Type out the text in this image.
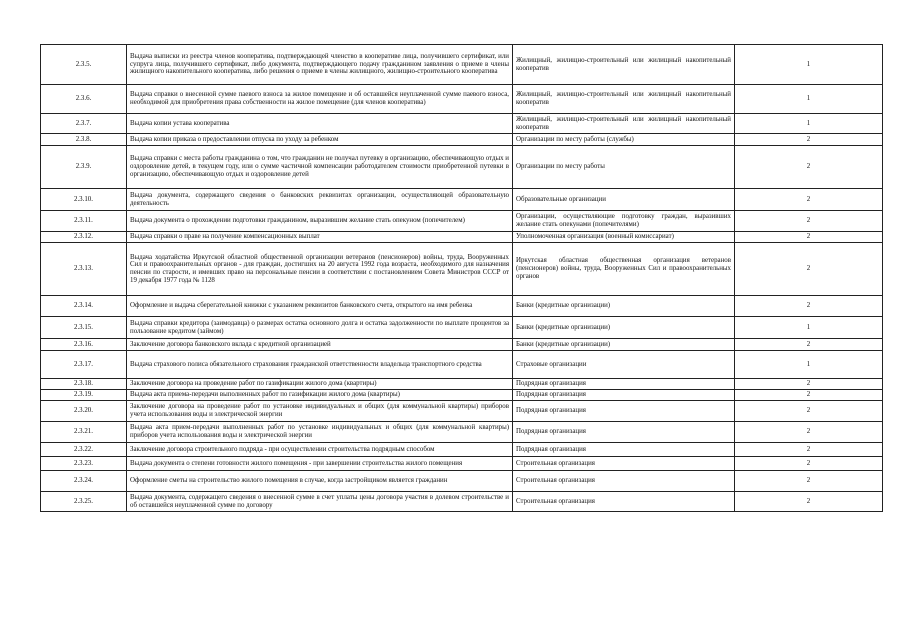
2.3.5.	Выдача выписки из реестра членов кооператива, подтверждающей членство в кооперативе лица, получившего сертификат, или супруга лица, получившего сертификат, либо документа, подтверждающего подачу гражданином заявления о приеме в члены жилищного накопительного кооператива, либо решения о приеме в члены жилищного, жилищно-строительного кооператива	Жилищный, жилищно-строительный или жилищный накопительный кооператив	1
2.3.6.	Выдача справки о внесенной сумме паевого взноса за жилое помещение и об оставшейся неуплаченной сумме паевого взноса, необходимой для приобретения права собственности на жилое помещение (для членов кооператива)	Жилищный, жилищно-строительный или жилищный накопительный кооператив	1
2.3.7.	Выдача копии устава кооператива	Жилищный, жилищно-строительный или жилищный накопительный кооператив	1
2.3.8.	Выдача копии приказа о предоставлении отпуска по уходу за ребенком	Организации по месту работы (службы)	2
2.3.9.	Выдача справки с места работы гражданина о том, что гражданин не получал путевку в организацию, обеспечивающую отдых и оздоровление детей, в текущем году, или о сумме частичной компенсации работодателем стоимости приобретенной путевки в организацию, обеспечивающую отдых и оздоровление детей	Организации по месту работы	2
2.3.10.	Выдача документа, содержащего сведения о банковских реквизитах организации, осуществляющей образовательную деятельность	Образовательные организации	2
2.3.11.	Выдача документа о прохождении подготовки гражданином, выразившим желание стать опекуном (попечителем)	Организации, осуществляющие подготовку граждан, выразивших желание стать опекунами (попечителями)	2
2.3.12.	Выдача справки о праве на получение компенсационных выплат	Уполномоченная организация (военный комиссариат)	2
2.3.13.	Выдача ходатайства Иркутской областной общественной организации ветеранов (пенсионеров) войны, труда, Вооруженных Сил и правоохранительных органов - для граждан, достигших на 20 августа 1992 года возраста, необходимого для назначения пенсии по старости, и имевших право на персональные пенсии в соответствии с постановлением Совета Министров СССР от 19 декабря 1977 года № 1128	Иркутская областная общественная организация ветеранов (пенсионеров) войны, труда, Вооруженных Сил и правоохранительных органов	2
2.3.14.	Оформление и выдача сберегательной книжки с указанием реквизитов банковского счета, открытого на имя ребенка	Банки (кредитные организации)	2
2.3.15.	Выдача справки кредитора (заимодавца) о размерах остатка основного долга и остатка задолженности по выплате процентов за пользование кредитом (займом)	Банки (кредитные организации)	1
2.3.16.	Заключение договора банковского вклада с кредитной организацией	Банки (кредитные организации)	2
2.3.17.	Выдача страхового полиса обязательного страхования гражданской ответственности владельца транспортного средства	Страховые организации	1
2.3.18.	Заключение договора на проведение работ по газификации жилого дома (квартиры)	Подрядная организация	2
2.3.19.	Выдача акта приема-передачи выполненных работ по газификации жилого дома (квартиры)	Подрядная организация	2
2.3.20.	Заключение договора на проведение работ по установке индивидуальных и общих (для коммунальной квартиры) приборов учета использования воды и электрической энергии	Подрядная организация	2
2.3.21.	Выдача акта прием-передачи выполненных работ по установке индивидуальных и общих (для коммунальной квартиры) приборов учета использования воды и электрической энергии	Подрядная организация	2
2.3.22.	Заключение договора строительного подряда - при осуществлении строительства подрядным способом	Подрядная организация	2
2.3.23.	Выдача документа о степени готовности жилого помещения - при завершении строительства жилого помещения	Строительная организация	2
2.3.24.	Оформление сметы на строительство жилого помещения в случае, когда застройщиком является гражданин	Строительная организация	2
2.3.25.	Выдача документа, содержащего сведения о внесенной сумме в счет уплаты цены договора участия в долевом строительстве и об оставшейся неуплаченной сумме по договору	Строительная организация	2
